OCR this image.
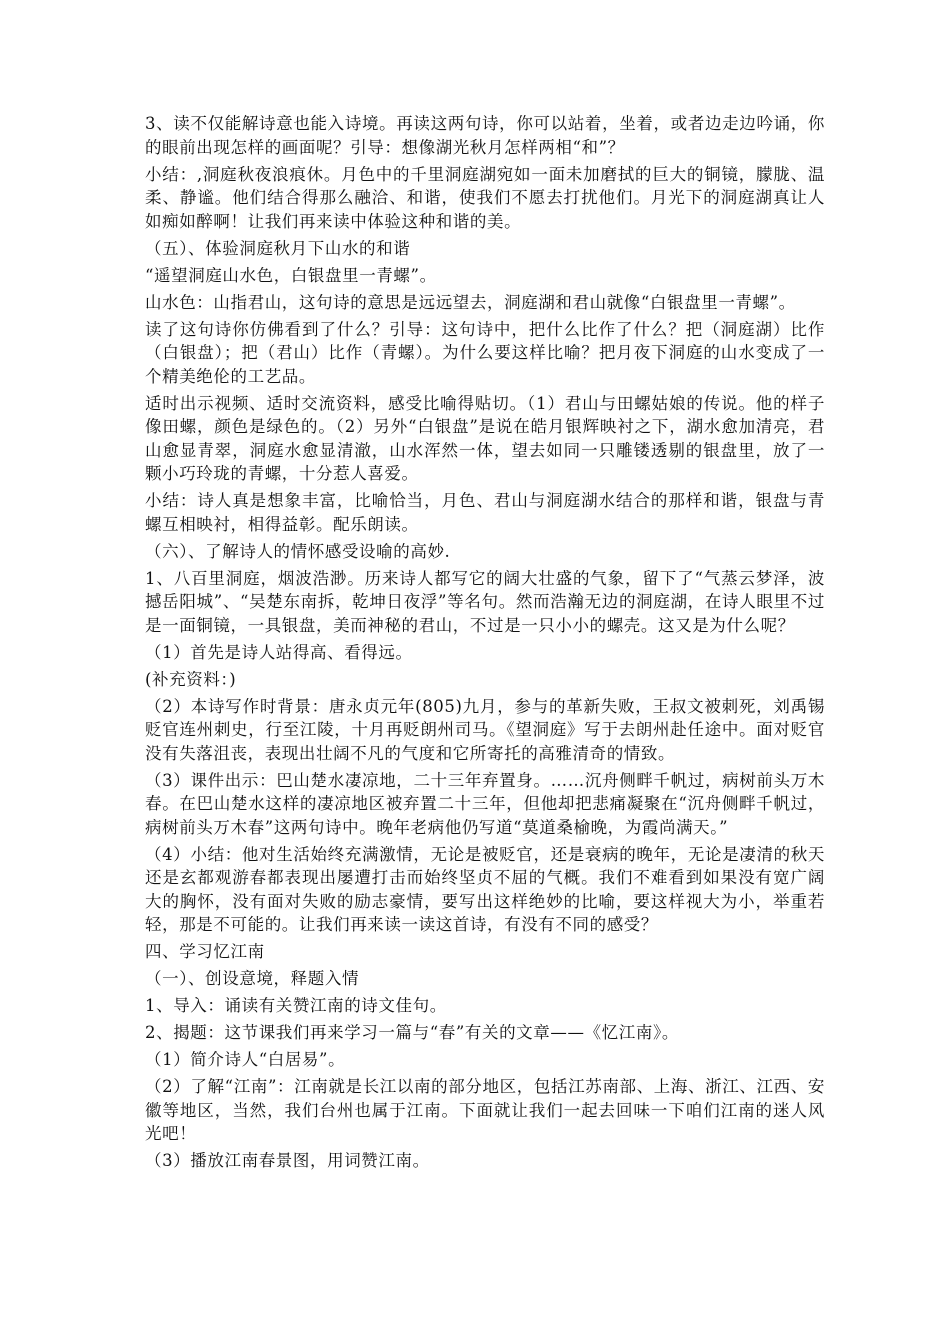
3、读不仅能解诗意也能入诗境。再读这两句诗，你可以站着，坐着，或者边走边吟诵，你的眼前出现怎样的画面呢？引导：想像湖光秋月怎样两相“和”？

小结：,洞庭秋夜浪痕休。月色中的千里洞庭湖宛如一面未加磨拭的巨大的铜镜，朦胧、温柔、静谧。他们结合得那么融洽、和谐，使我们不愿去打扰他们。月光下的洞庭湖真让人如痴如醉啊！让我们再来读中体验这种和谐的美。

（五）、体验洞庭秋月下山水的和谐

“遥望洞庭山水色，白银盘里一青螺”。

山水色：山指君山，这句诗的意思是远远望去，洞庭湖和君山就像“白银盘里一青螺”。

读了这句诗你仿佛看到了什么？引导：这句诗中，把什么比作了什么？把（洞庭湖）比作（白银盘）；把（君山）比作（青螺）。为什么要这样比喻？把月夜下洞庭的山水变成了一个精美绝伦的工艺品。

适时出示视频、适时交流资料，感受比喻得贴切。（1）君山与田螺姑娘的传说。他的样子像田螺，颜色是绿色的。（2）另外“白银盘”是说在皓月银辉映衬之下，湖水愈加清亮，君山愈显青翠，洞庭水愈显清澈，山水浑然一体，望去如同一只雕镂透剔的银盘里，放了一颗小巧玲珑的青螺，十分惹人喜爱。

小结：诗人真是想象丰富，比喻恰当，月色、君山与洞庭湖水结合的那样和谐，银盘与青螺互相映衬，相得益彰。配乐朗读。

（六）、了解诗人的情怀感受设喻的高妙.

1、八百里洞庭，烟波浩渺。历来诗人都写它的阔大壮盛的气象，留下了“气蒸云梦泽，波撼岳阳城”、“吴楚东南拆，乾坤日夜浮”等名句。然而浩瀚无边的洞庭湖，在诗人眼里不过是一面铜镜，一具银盘，美而神秘的君山，不过是一只小小的螺壳。这又是为什么呢？

（1）首先是诗人站得高、看得远。

(补充资料：)

（2）本诗写作时背景：唐永贞元年(805)九月，参与的革新失败，王叔文被刺死，刘禹锡贬官连州刺史，行至江陵，十月再贬朗州司马。《望洞庭》写于去朗州赴任途中。面对贬官没有失落沮丧，表现出壮阔不凡的气度和它所寄托的高雅清奇的情致。

（3）课件出示：巴山楚水凄凉地，二十三年弃置身。……沉舟侧畔千帆过，病树前头万木春。在巴山楚水这样的凄凉地区被弃置二十三年，但他却把悲痛凝聚在“沉舟侧畔千帆过，病树前头万木春”这两句诗中。晚年老病他仍写道“莫道桑榆晚，为霞尚满天。”

（4）小结：他对生活始终充满激情，无论是被贬官，还是衰病的晚年，无论是凄清的秋天还是玄都观游春都表现出屡遭打击而始终坚贞不屈的气概。我们不难看到如果没有宽广阔大的胸怀，没有面对失败的励志豪情，要写出这样绝妙的比喻，要这样视大为小，举重若轻，那是不可能的。让我们再来读一读这首诗，有没有不同的感受？

四、学习忆江南

（一）、创设意境，释题入情

1、导入：诵读有关赞江南的诗文佳句。

2、揭题：这节课我们再来学习一篇与“春”有关的文章——《忆江南》。

（1）简介诗人“白居易”。

（2）了解“江南”：江南就是长江以南的部分地区，包括江苏南部、上海、浙江、江西、安徽等地区，当然，我们台州也属于江南。下面就让我们一起去回味一下咱们江南的迷人风光吧！

（3）播放江南春景图，用词赞江南。
